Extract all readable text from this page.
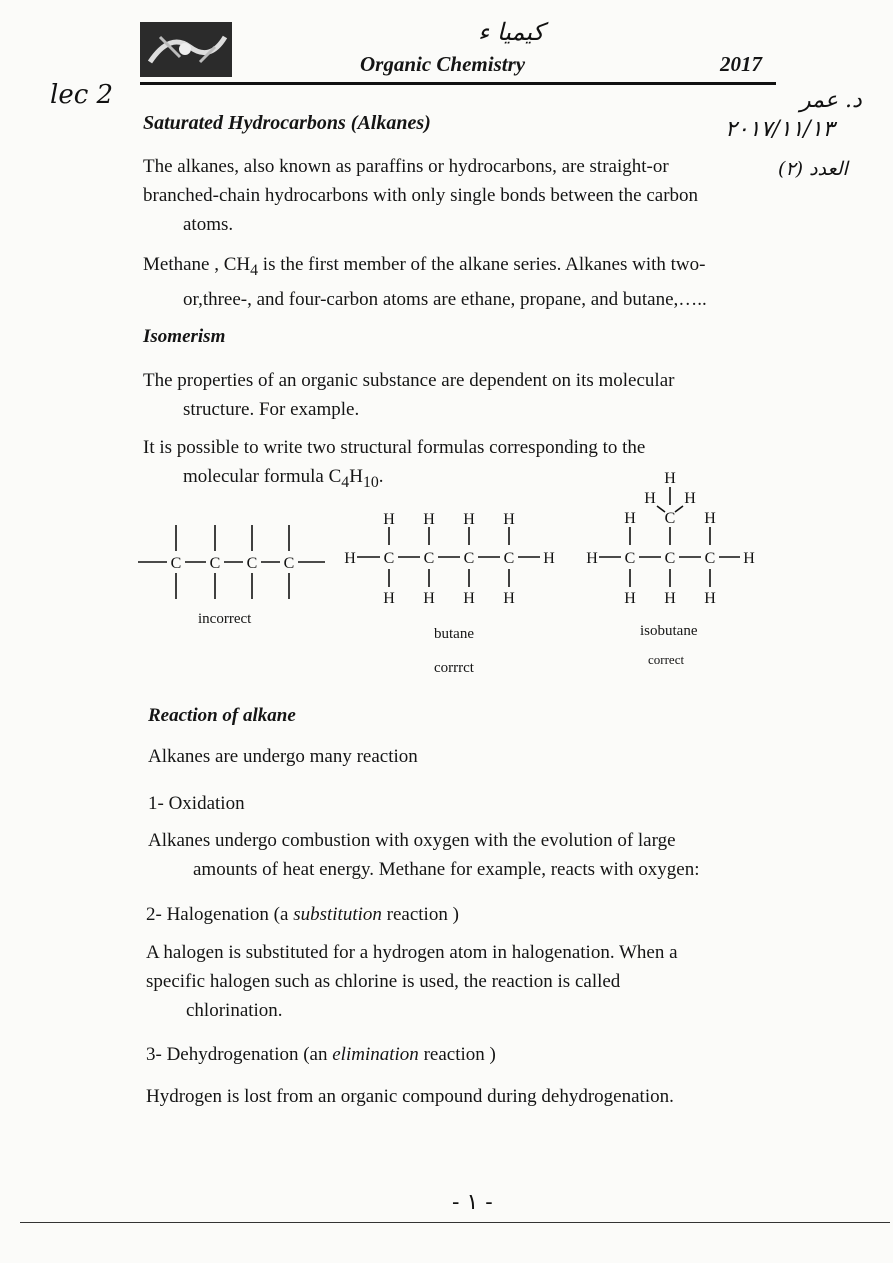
lec 2
كيميا ء
Organic Chemistry	2017
د. عمر
٢٠١٧/١١/١٣
العدد (٢)
Saturated Hydrocarbons (Alkanes)
The alkanes, also known as paraffins or hydrocarbons, are straight-or
branched-chain hydrocarbons with only single bonds between the carbon
atoms.
Methane , $CH_4$ is the first member of the alkane series. Alkanes with two-
or,three-, and four-carbon atoms are ethane, propane, and butane,…..
Isomerism
The properties of an organic substance are dependent on its molecular
structure. For example.
It is possible to write two structural formulas corresponding to the
molecular formula $C_4H_{10}$.
C C C C	H C C C C H
H H H H
H H H H
H C C C H
H C H
H
H H
H H H
incorrect
butane
corrrct
isobutane
correct
Reaction of alkane
Alkanes are undergo many reaction
1- Oxidation
Alkanes undergo combustion with oxygen with the evolution of large
amounts of heat energy. Methane for example, reacts with oxygen:
2- Halogenation (a substitution reaction )
A halogen is substituted for a hydrogen atom in halogenation. When a
specific halogen such as chlorine is used, the reaction is called
chlorination.
3- Dehydrogenation (an elimination reaction )
Hydrogen is lost from an organic compound during dehydrogenation.
- ١ -
